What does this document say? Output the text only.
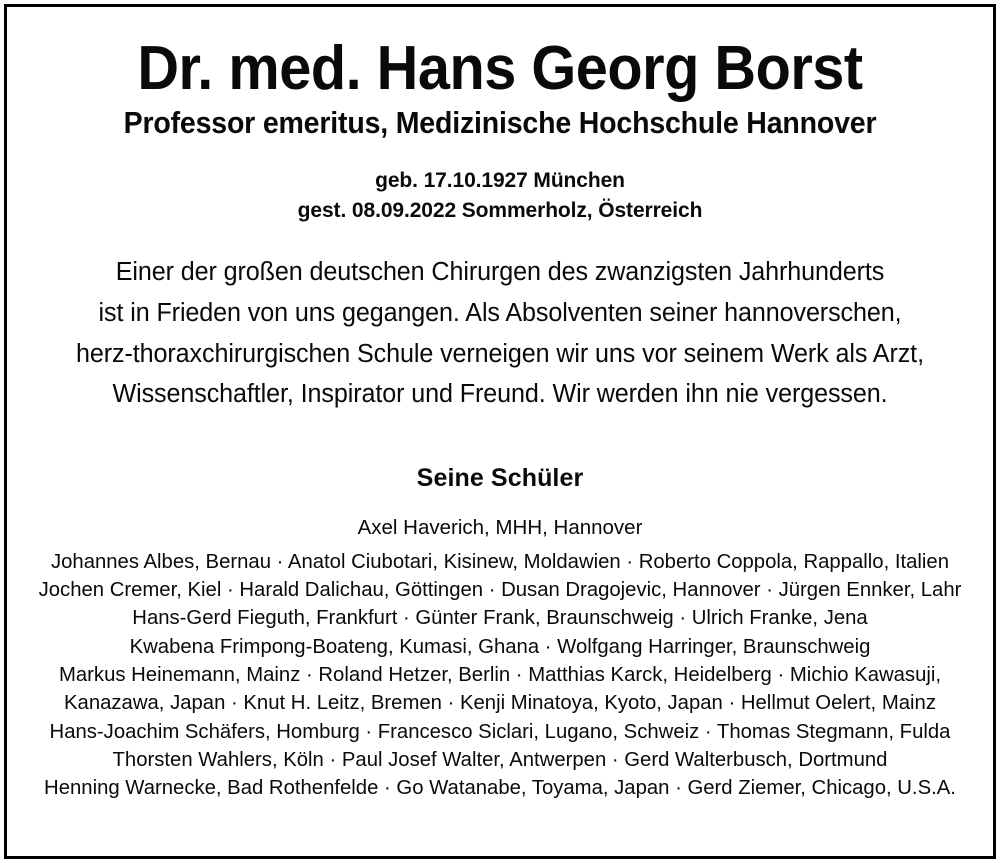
Dr. med. Hans Georg Borst
Professor emeritus, Medizinische Hochschule Hannover
geb. 17.10.1927 München
gest. 08.09.2022 Sommerholz, Österreich
Einer der großen deutschen Chirurgen des zwanzigsten Jahrhunderts
ist in Frieden von uns gegangen. Als Absolventen seiner hannoverschen,
herz-thoraxchirurgischen Schule verneigen wir uns vor seinem Werk als Arzt,
Wissenschaftler, Inspirator und Freund. Wir werden ihn nie vergessen.
Seine Schüler
Axel Haverich, MHH, Hannover
Johannes Albes, Bernau · Anatol Ciubotari, Kisinew, Moldawien · Roberto Coppola, Rappallo, Italien
Jochen Cremer, Kiel · Harald Dalichau, Göttingen · Dusan Dragojevic, Hannover · Jürgen Ennker, Lahr
Hans-Gerd Fieguth, Frankfurt · Günter Frank, Braunschweig · Ulrich Franke, Jena
Kwabena Frimpong-Boateng, Kumasi, Ghana · Wolfgang Harringer, Braunschweig
Markus Heinemann, Mainz · Roland Hetzer, Berlin · Matthias Karck, Heidelberg · Michio Kawasuji,
Kanazawa, Japan · Knut H. Leitz, Bremen · Kenji Minatoya, Kyoto, Japan · Hellmut Oelert, Mainz
Hans-Joachim Schäfers, Homburg · Francesco Siclari, Lugano, Schweiz · Thomas Stegmann, Fulda
Thorsten Wahlers, Köln · Paul Josef Walter, Antwerpen · Gerd Walterbusch, Dortmund
Henning Warnecke, Bad Rothenfelde · Go Watanabe, Toyama, Japan · Gerd Ziemer, Chicago, U.S.A.
